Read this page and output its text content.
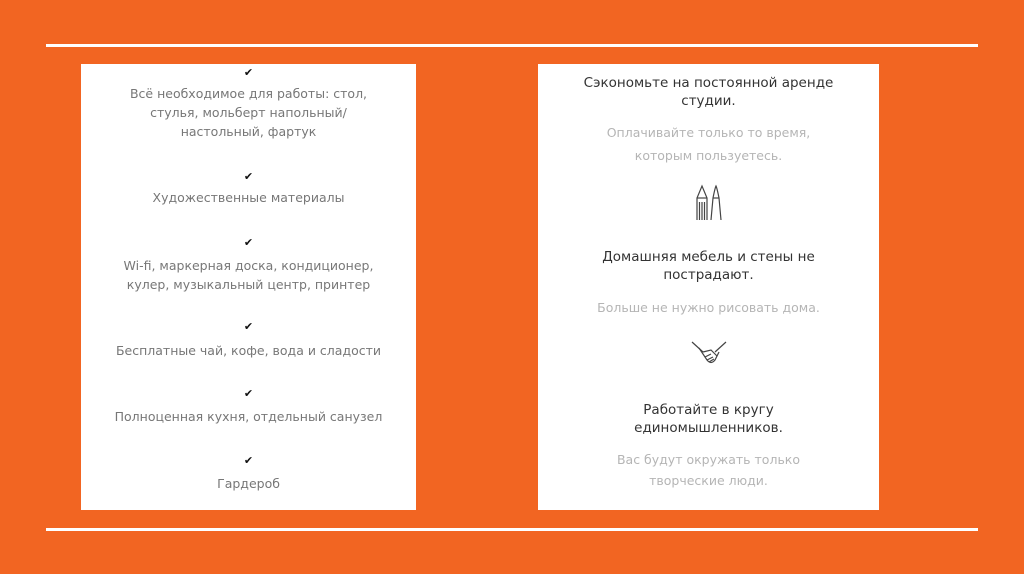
✔
Всё необходимое для работы: стол, стулья, мольберт напольный/ настольный, фартук
✔
Художественные материалы
✔
Wi-fi, маркерная доска, кондиционер, кулер, музыкальный центр, принтер
✔
Бесплатные чай, кофе, вода и сладости
✔
Полноценная кухня, отдельный санузел
✔
Гардероб
Сэкономьте на постоянной аренде студии.
Оплачивайте только то время, которым пользуетесь.
Домашняя мебель и стены не пострадают.
Больше не нужно рисовать дома.
Работайте в кругу единомышленников.
Вас будут окружать только творческие люди.
